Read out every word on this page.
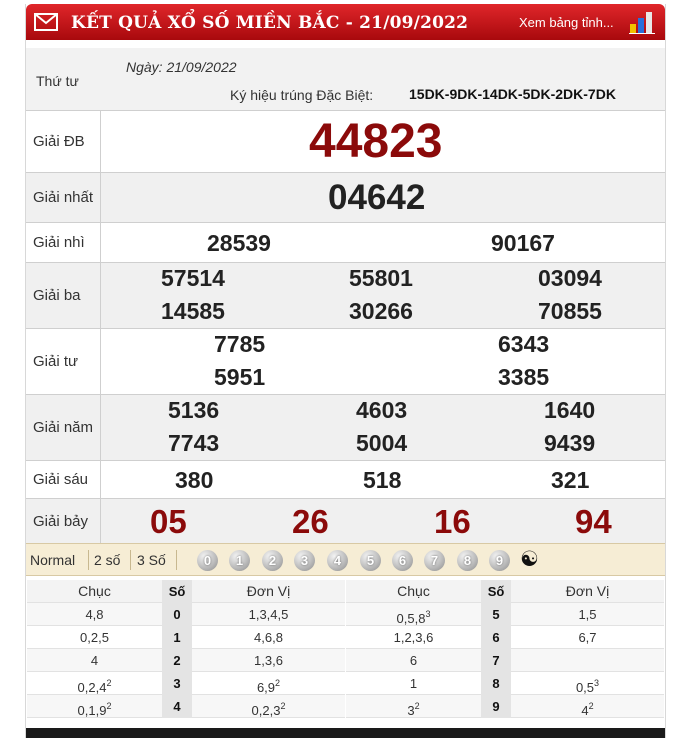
KẾT QUẢ XỔ SỐ MIỀN BẮC - 21/09/2022	Xem bảng tỉnh...
Thứ tư
Ngày: 21/09/2022
Ký hiệu trúng Đặc Biệt:	15DK-9DK-14DK-5DK-2DK-7DK
Giải ĐB	44823
Giải nhất	04642
Giải nhì	28539	90167
Giải ba
57514	55801	03094
14585	30266	70855
Giải tư
7785	6343
5951	3385
Giải năm
5136	4603	1640
7743	5004	9439
Giải sáu	380	518	321
Giải bảy	05	26	16	94
Normal 2 số 3 Số	0	1	2	3	4	5	6	7	8	9 ☯
Chục	Số	Đơn Vị
4,8	0	1,3,4,5
0,2,5	1	4,6,8
4	2	1,3,6
0,2,4$^2$	3	$6,9^2$
0,1,9$^2$	4	0,2,3$^2$
Chục	Số	Đơn Vị
0,5,8$^3$	5	1,5
1,2,3,6	6	6,7
6	7
1	8	$0,5^3$
$3^2$	9	$4^2$
